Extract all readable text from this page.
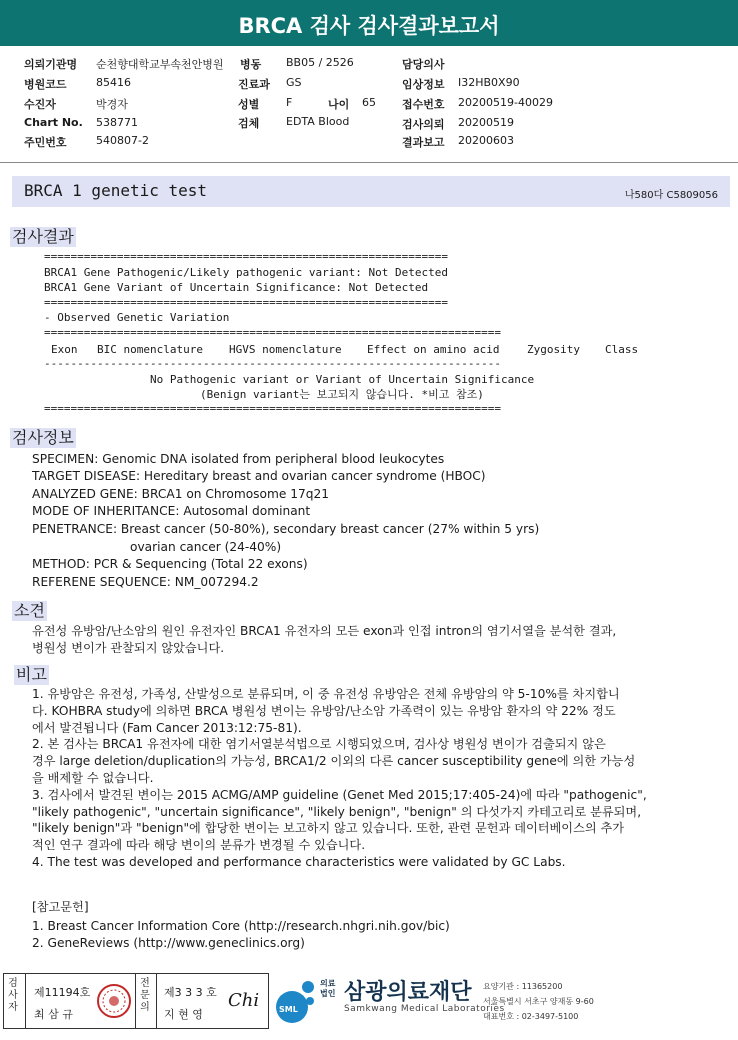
BRCA 검사 검사결과보고서
의뢰기관명 순천향대학교부속천안병원
병원코드	85416
수진자	박경자
Chart No. 538771
주민번호	540807-2
병동 BB05 / 2526
진료과 GS
성별 F	나이 65
검체 EDTA Blood
담당의사
임상정보 I32HB0X90
접수번호 20200519-40029
검사의뢰 20200519
결과보고 20200603
BRCA 1 genetic test	나580다 C5809056
검사결과
=============================================================
BRCA1 Gene Pathogenic/Likely pathogenic variant: Not Detected
BRCA1 Gene Variant of Uncertain Significance: Not Detected
=============================================================
- Observed Genetic Variation
=====================================================================
Exon BIC nomenclature HGVS nomenclature Effect on amino acid	Zygosity Class
---------------------------------------------------------------------
No Pathogenic variant or Variant of Uncertain Significance
(Benign variant는 보고되지 않습니다. *비고 참조)
=====================================================================
검사정보
SPECIMEN: Genomic DNA isolated from peripheral blood leukocytes
TARGET DISEASE: Hereditary breast and ovarian cancer syndrome (HBOC)
ANALYZED GENE: BRCA1 on Chromosome 17q21
MODE OF INHERITANCE: Autosomal dominant
PENETRANCE: Breast cancer (50-80%), secondary breast cancer (27% within 5 yrs)
ovarian cancer (24-40%)
METHOD: PCR & Sequencing (Total 22 exons)
REFERENE SEQUENCE: NM_007294.2
소견
유전성 유방암/난소암의 원인 유전자인 BRCA1 유전자의 모든 exon과 인접 intron의 염기서열을 분석한 결과,
병원성 변이가 관찰되지 않았습니다.
비고
1. 유방암은 유전성, 가족성, 산발성으로 분류되며, 이 중 유전성 유방암은 전체 유방암의 약 5-10%를 차지합니
다. KOHBRA study에 의하면 BRCA 병원성 변이는 유방암/난소암 가족력이 있는 유방암 환자의 약 22% 정도
에서 발견됩니다 (Fam Cancer 2013:12:75-81).
2. 본 검사는 BRCA1 유전자에 대한 염기서열분석법으로 시행되었으며, 검사상 병원성 변이가 검출되지 않은
경우 large deletion/duplication의 가능성, BRCA1/2 이외의 다른 cancer susceptibility gene에 의한 가능성
을 배제할 수 없습니다.
3. 검사에서 발견된 변이는 2015 ACMG/AMP guideline (Genet Med 2015;17:405-24)에 따라 "pathogenic",
"likely pathogenic", "uncertain significance", "likely benign", "benign" 의 다섯가지 카테고리로 분류되며,
"likely benign"과 "benign"에 합당한 변이는 보고하지 않고 있습니다. 또한, 관련 문헌과 데이터베이스의 추가
적인 연구 결과에 따라 해당 변이의 분류가 변경될 수 있습니다.
4. The test was developed and performance characteristics were validated by GC Labs.
[참고문헌]
1. Breast Cancer Information Core (http://research.nhgri.nih.gov/bic)
2. GeneReviews (http://www.geneclinics.org)
검사자
제11194호
최 삼 규
전문의
제3 3 3 호
지 현 영
Chi SML
의료법인 삼광의료재단
Samkwang Medical Laboratories
요양기관 : 11365200
서울특별시 서초구 양재동 9-60
대표번호 : 02-3497-5100
